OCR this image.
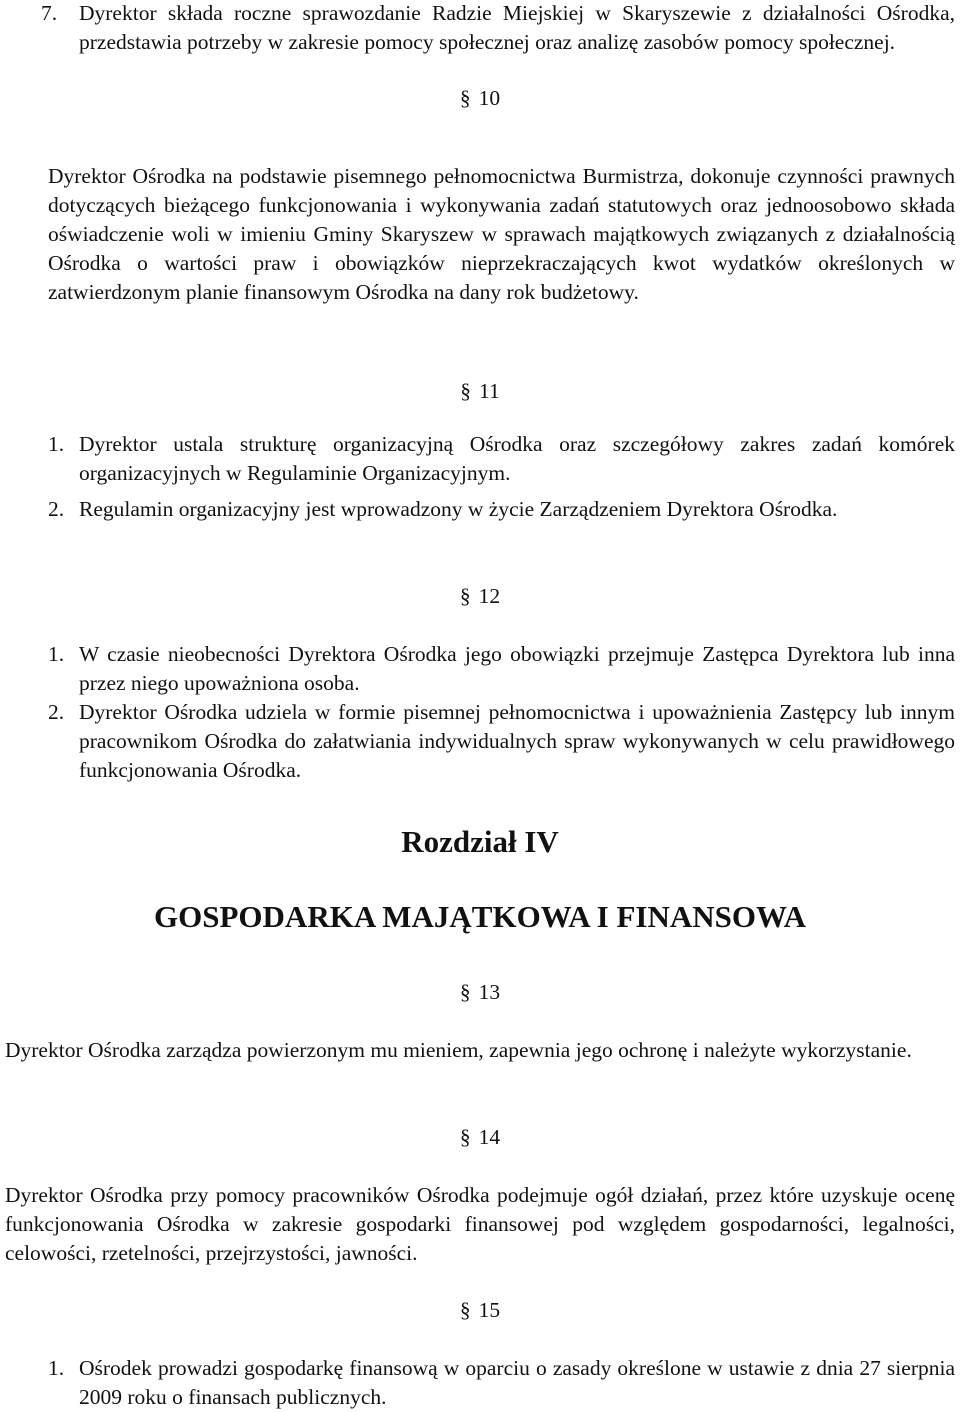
7.	Dyrektor składa roczne sprawozdanie Radzie Miejskiej w Skaryszewie z działalności Ośrodka, przedstawia potrzeby w zakresie pomocy społecznej oraz analizę zasobów pomocy społecznej.
§ 10
Dyrektor Ośrodka na podstawie pisemnego pełnomocnictwa Burmistrza, dokonuje czynności prawnych dotyczących bieżącego funkcjonowania i wykonywania zadań statutowych oraz jednoosobowo składa oświadczenie woli w imieniu Gminy Skaryszew w sprawach majątkowych związanych z działalnością Ośrodka o wartości praw i obowiązków nieprzekraczających kwot wydatków określonych w zatwierdzonym planie finansowym Ośrodka na dany rok budżetowy.
§ 11
1. Dyrektor ustala strukturę organizacyjną Ośrodka oraz szczegółowy zakres zadań komórek organizacyjnych w Regulaminie Organizacyjnym.
2. Regulamin organizacyjny jest wprowadzony w życie Zarządzeniem Dyrektora Ośrodka.
§ 12
1. W czasie nieobecności Dyrektora Ośrodka jego obowiązki przejmuje Zastępca Dyrektora lub inna przez niego upoważniona osoba.
2. Dyrektor Ośrodka udziela w formie pisemnej pełnomocnictwa i upoważnienia Zastępcy lub innym pracownikom Ośrodka do załatwiania indywidualnych spraw wykonywanych w celu prawidłowego funkcjonowania Ośrodka.
Rozdział IV
GOSPODARKA MAJĄTKOWA I FINANSOWA
§ 13
Dyrektor Ośrodka zarządza powierzonym mu mieniem, zapewnia jego ochronę i należyte wykorzystanie.
§ 14
Dyrektor Ośrodka przy pomocy pracowników Ośrodka podejmuje ogół działań, przez które uzyskuje ocenę funkcjonowania Ośrodka w zakresie gospodarki finansowej pod względem gospodarności, legalności, celowości, rzetelności, przejrzystości, jawności.
§ 15
1. Ośrodek prowadzi gospodarkę finansową w oparciu o zasady określone w ustawie z dnia 27 sierpnia 2009 roku o finansach publicznych.
